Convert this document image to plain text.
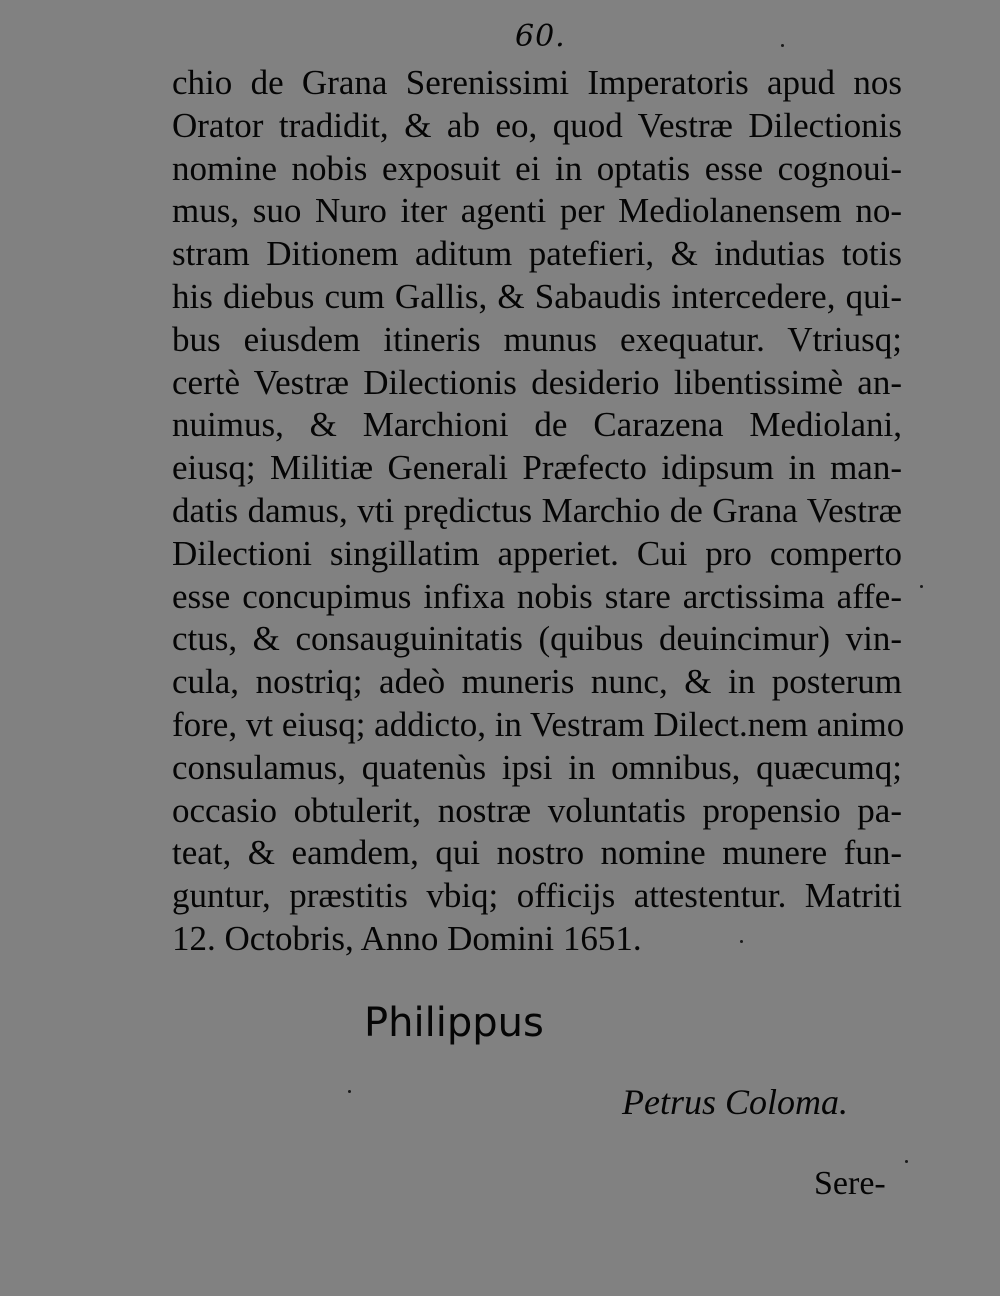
60.
chio de Grana Serenissimi Imperatoris apud nos
Orator tradidit, & ab eo, quod Vestræ Dilectionis
nomine nobis exposuit ei in optatis esse cognoui-
mus, suo Nuro iter agenti per Mediolanensem no-
stram Ditionem aditum patefieri, & indutias totis
his diebus cum Gallis, & Sabaudis intercedere, qui-
bus eiusdem itineris munus exequatur. Vtriusq;
certè Vestræ Dilectionis desiderio libentissimè an-
nuimus, & Marchioni de Carazena Mediolani,
eiusq; Militiæ Generali Præfecto idipsum in man-
datis damus, vti prędictus Marchio de Grana Vestræ
Dilectioni singillatim apperiet. Cui pro comperto
esse concupimus infixa nobis stare arctissima affe-
ctus, & consauguinitatis (quibus deuincimur) vin-
cula, nostriq; adeò muneris nunc, & in posterum
fore, vt eiusq; addicto, in Vestram Dilect.nem animo
consulamus, quatenùs ipsi in omnibus, quæcumq;
occasio obtulerit, nostræ voluntatis propensio pa-
teat, & eamdem, qui nostro nomine munere fun-
guntur, præstitis vbiq; officijs attestentur. Matriti
12. Octobris, Anno Domini 1651.
Philippus
Petrus Coloma.
Sere-
